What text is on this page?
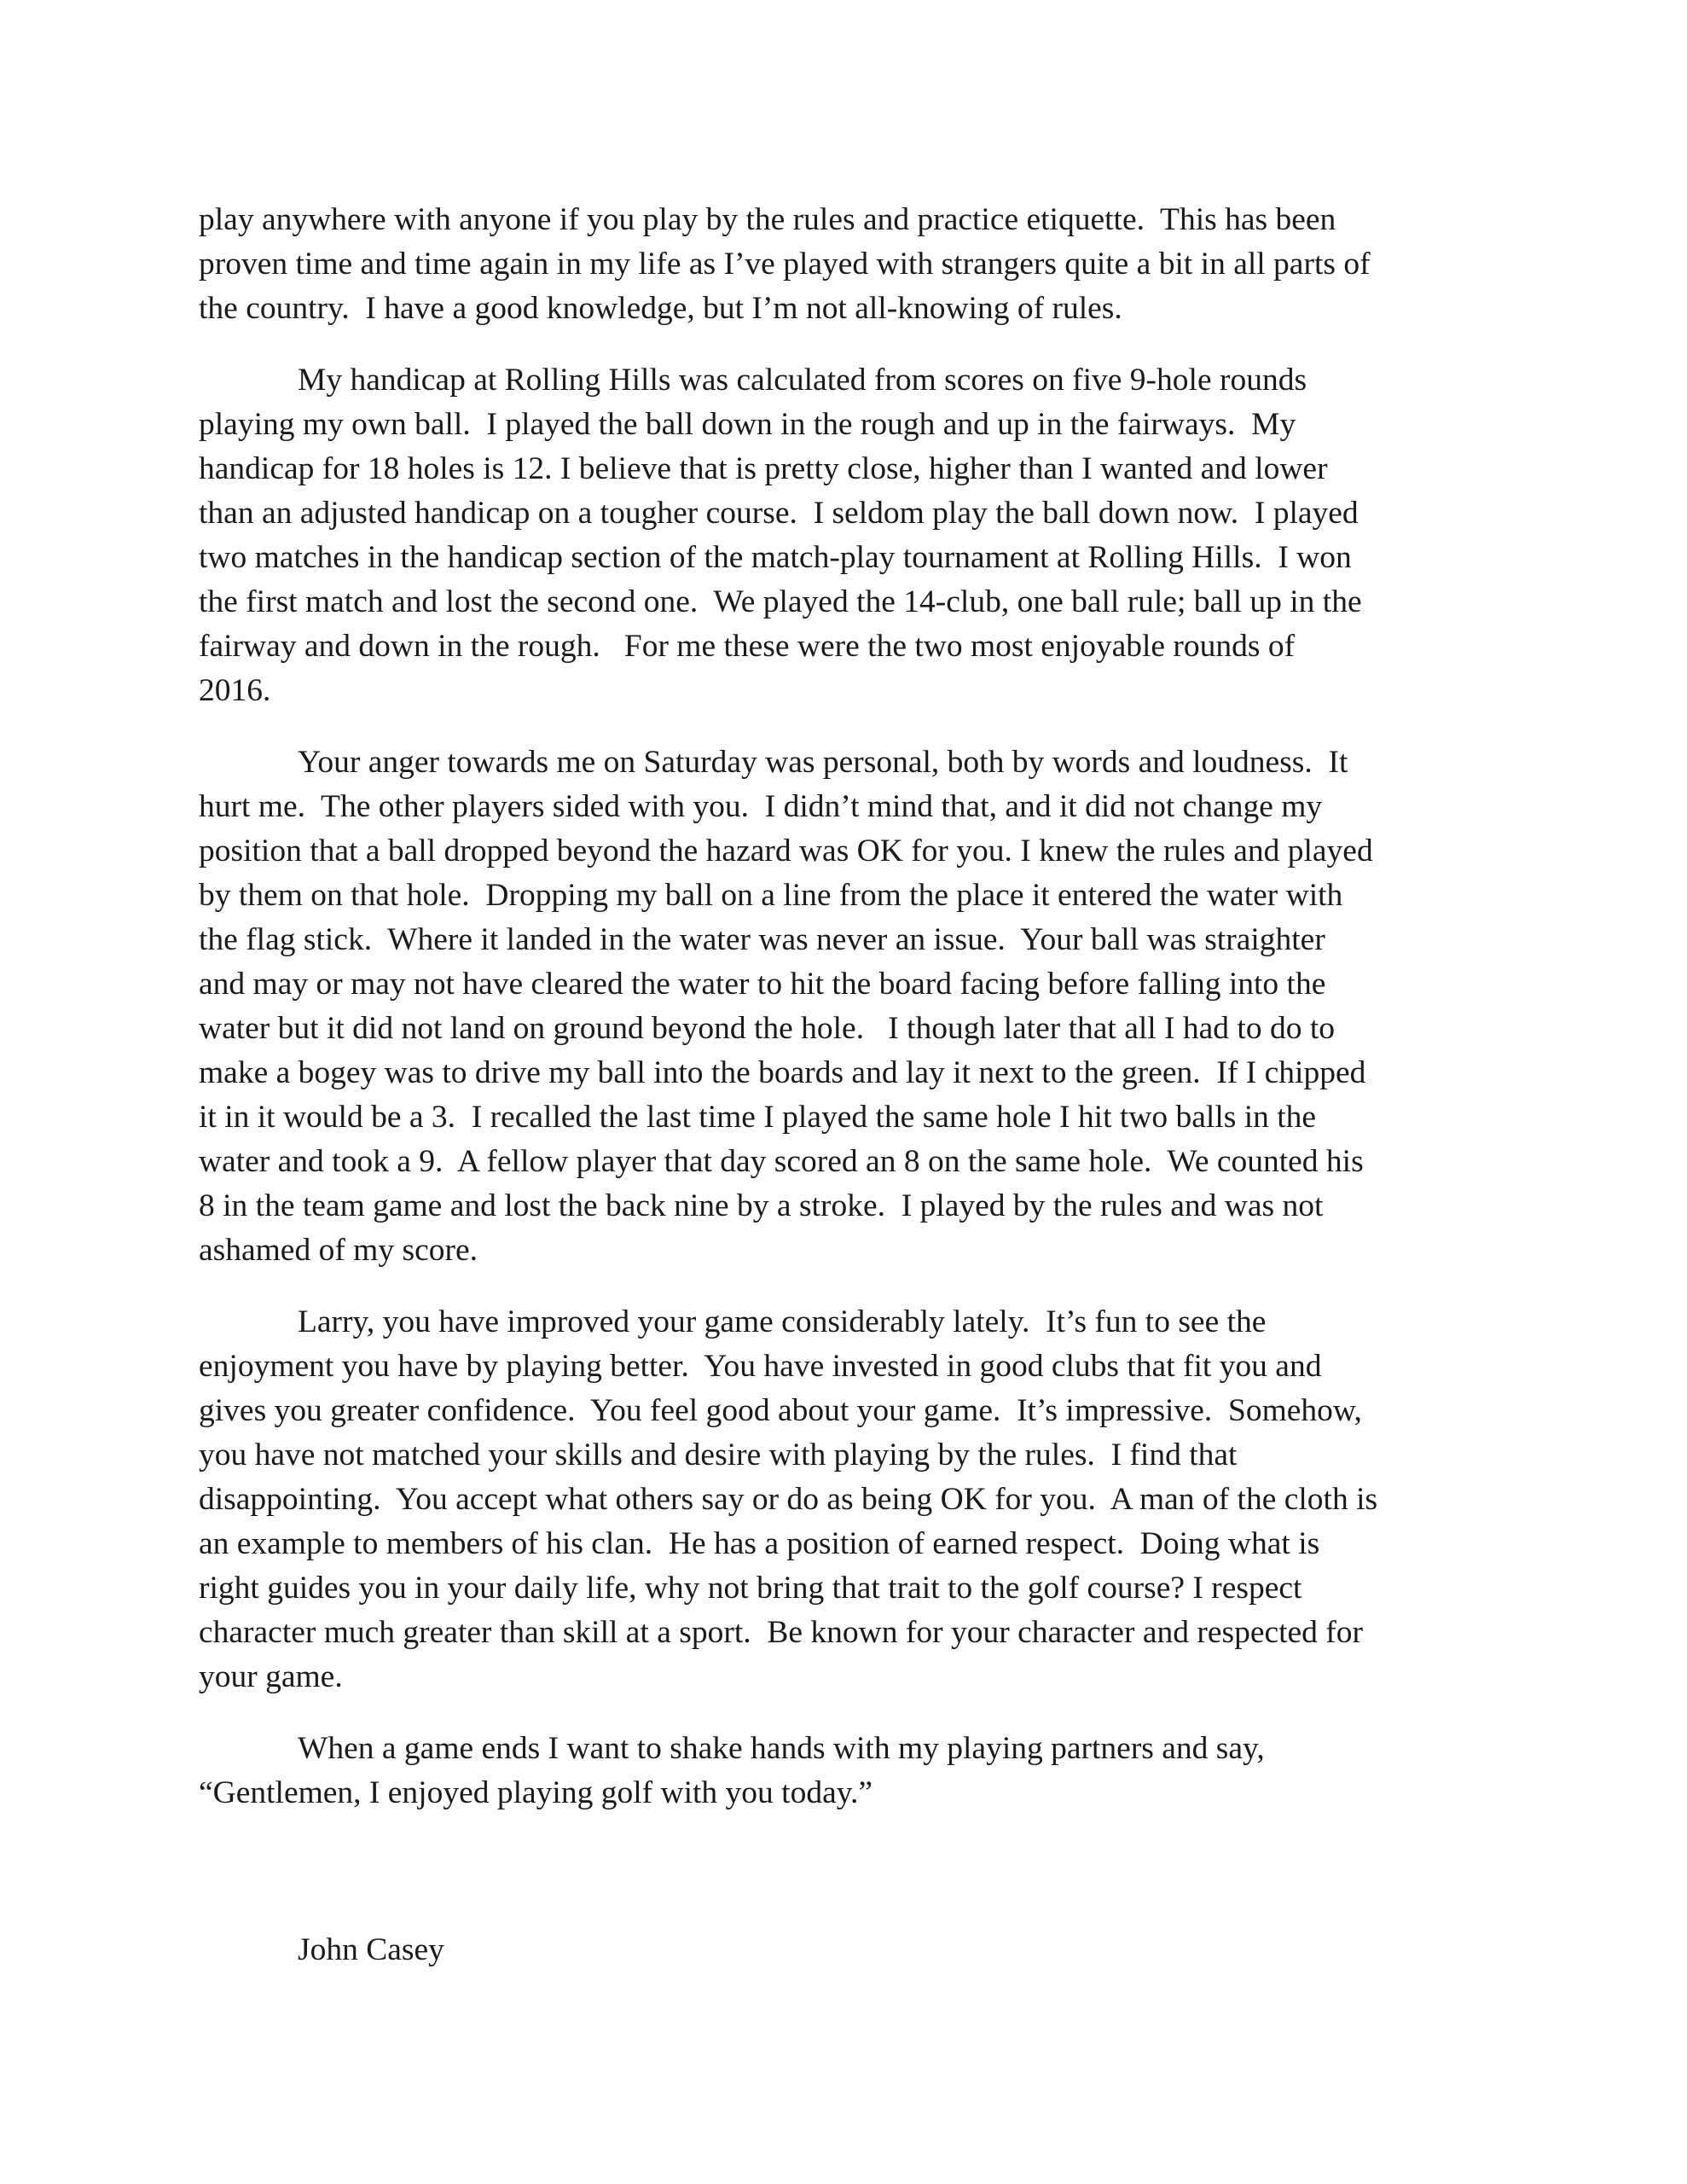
play anywhere with anyone if you play by the rules and practice etiquette.  This has been
proven time and time again in my life as I’ve played with strangers quite a bit in all parts of
the country.  I have a good knowledge, but I’m not all-knowing of rules.

My handicap at Rolling Hills was calculated from scores on five 9-hole rounds
playing my own ball.  I played the ball down in the rough and up in the fairways.  My
handicap for 18 holes is 12. I believe that is pretty close, higher than I wanted and lower
than an adjusted handicap on a tougher course.  I seldom play the ball down now.  I played
two matches in the handicap section of the match-play tournament at Rolling Hills.  I won
the first match and lost the second one.  We played the 14-club, one ball rule; ball up in the
fairway and down in the rough.   For me these were the two most enjoyable rounds of
2016.

Your anger towards me on Saturday was personal, both by words and loudness.  It
hurt me.  The other players sided with you.  I didn’t mind that, and it did not change my
position that a ball dropped beyond the hazard was OK for you. I knew the rules and played
by them on that hole.  Dropping my ball on a line from the place it entered the water with
the flag stick.  Where it landed in the water was never an issue.  Your ball was straighter
and may or may not have cleared the water to hit the board facing before falling into the
water but it did not land on ground beyond the hole.   I though later that all I had to do to
make a bogey was to drive my ball into the boards and lay it next to the green.  If I chipped
it in it would be a 3.  I recalled the last time I played the same hole I hit two balls in the
water and took a 9.  A fellow player that day scored an 8 on the same hole.  We counted his
8 in the team game and lost the back nine by a stroke.  I played by the rules and was not
ashamed of my score.

Larry, you have improved your game considerably lately.  It’s fun to see the
enjoyment you have by playing better.  You have invested in good clubs that fit you and
gives you greater confidence.  You feel good about your game.  It’s impressive.  Somehow,
you have not matched your skills and desire with playing by the rules.  I find that
disappointing.  You accept what others say or do as being OK for you.  A man of the cloth is
an example to members of his clan.  He has a position of earned respect.  Doing what is
right guides you in your daily life, why not bring that trait to the golf course? I respect
character much greater than skill at a sport.  Be known for your character and respected for
your game.

When a game ends I want to shake hands with my playing partners and say,
“Gentlemen, I enjoyed playing golf with you today.”

John Casey
